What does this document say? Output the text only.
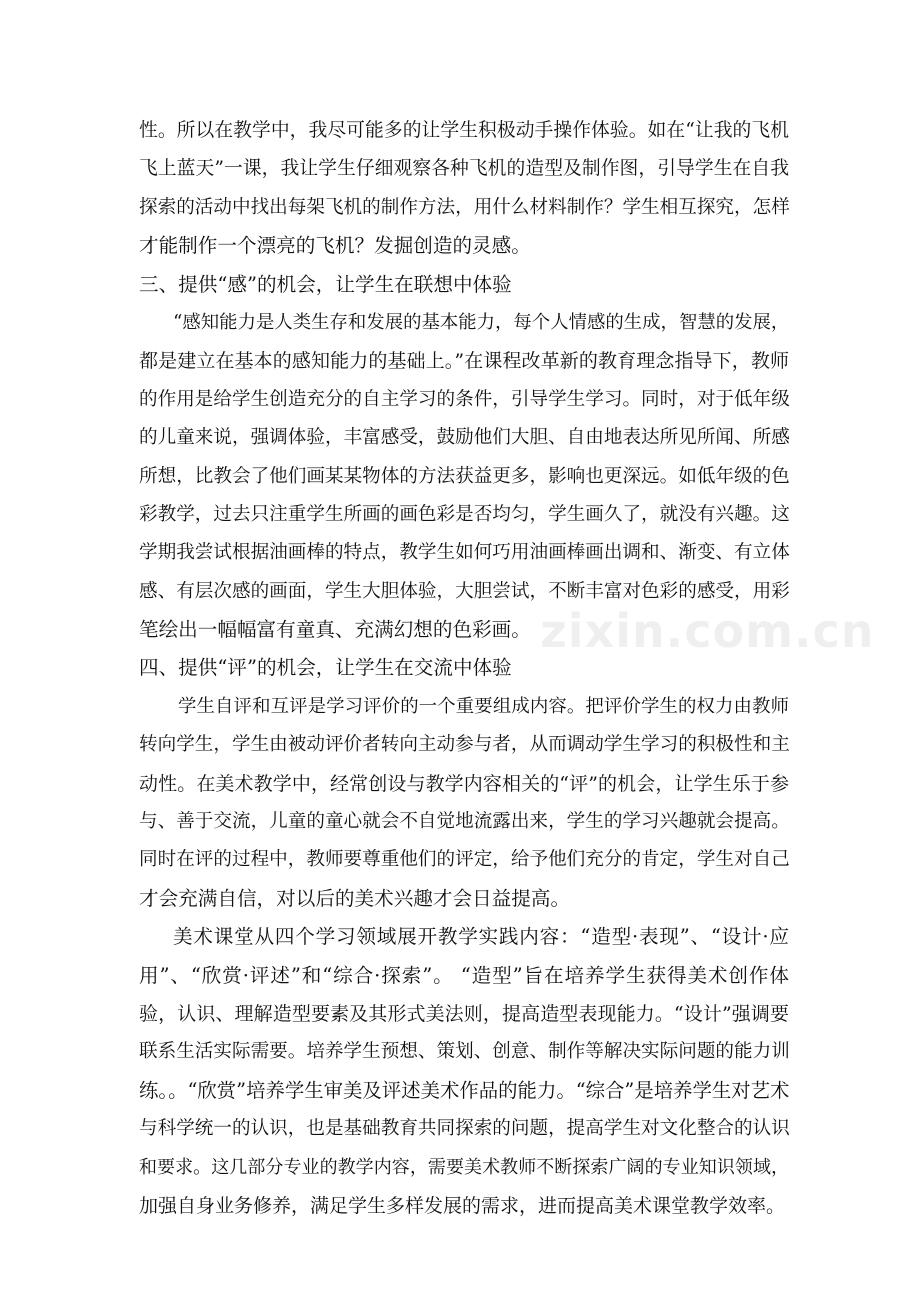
性。所以在教学中，我尽可能多的让学生积极动手操作体验。如在“让我的飞机
飞上蓝天”一课，我让学生仔细观察各种飞机的造型及制作图，引导学生在自我
探索的活动中找出每架飞机的制作方法，用什么材料制作？学生相互探究，怎样
才能制作一个漂亮的飞机？发掘创造的灵感。
三、提供“感”的机会，让学生在联想中体验
“感知能力是人类生存和发展的基本能力，每个人情感的生成，智慧的发展，
都是建立在基本的感知能力的基础上。”在课程改革新的教育理念指导下，教师
的作用是给学生创造充分的自主学习的条件，引导学生学习。同时，对于低年级
的儿童来说，强调体验，丰富感受，鼓励他们大胆、自由地表达所见所闻、所感
所想，比教会了他们画某某物体的方法获益更多，影响也更深远。如低年级的色
彩教学，过去只注重学生所画的画色彩是否均匀，学生画久了，就没有兴趣。这
学期我尝试根据油画棒的特点，教学生如何巧用油画棒画出调和、渐变、有立体
感、有层次感的画面，学生大胆体验，大胆尝试，不断丰富对色彩的感受，用彩
笔绘出一幅幅富有童真、充满幻想的色彩画。
四、提供“评”的机会，让学生在交流中体验
学生自评和互评是学习评价的一个重要组成内容。把评价学生的权力由教师
转向学生，学生由被动评价者转向主动参与者，从而调动学生学习的积极性和主
动性。在美术教学中，经常创设与教学内容相关的“评”的机会，让学生乐于参
与、善于交流，儿童的童心就会不自觉地流露出来，学生的学习兴趣就会提高。
同时在评的过程中，教师要尊重他们的评定，给予他们充分的肯定，学生对自己
才会充满自信，对以后的美术兴趣才会日益提高。
美术课堂从四个学习领域展开教学实践内容：“造型·表现”、“设计·应
用”、“欣赏·评述”和“综合·探索”。 “造型”旨在培养学生获得美术创作体
验，认识、理解造型要素及其形式美法则，提高造型表现能力。“设计”强调要
联系生活实际需要。培养学生预想、策划、创意、制作等解决实际问题的能力训
练。。“欣赏”培养学生审美及评述美术作品的能力。“综合”是培养学生对艺术
与科学统一的认识，也是基础教育共同探索的问题，提高学生对文化整合的认识
和要求。这几部分专业的教学内容，需要美术教师不断探索广阔的专业知识领域，
加强自身业务修养，满足学生多样发展的需求，进而提高美术课堂教学效率。
zixin.com.cn
